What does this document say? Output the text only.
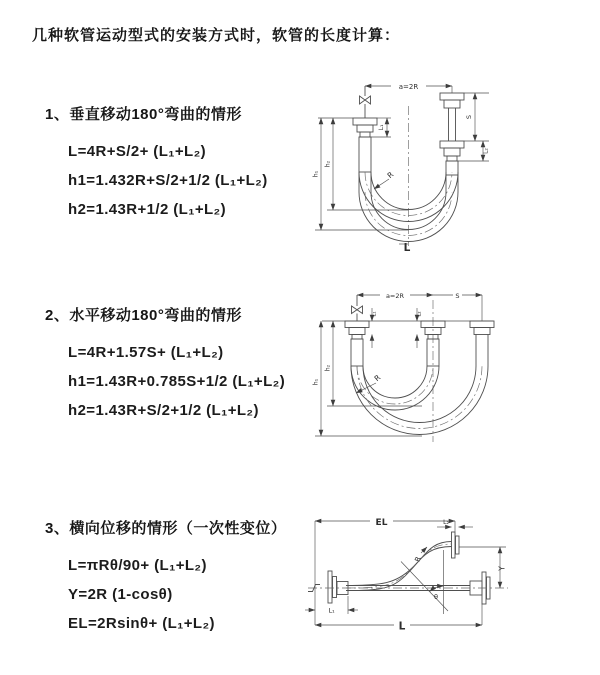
几种软管运动型式的安装方式时，软管的长度计算：
1、垂直移动180°弯曲的情形
L=4R+S/2+ (L₁+L₂)
h1=1.432R+S/2+1/2 (L₁+L₂)
h2=1.43R+1/2 (L₁+L₂)
2、水平移动180°弯曲的情形
L=4R+1.57S+ (L₁+L₂)
h1=1.43R+0.785S+1/2 (L₁+L₂)
h2=1.43R+S/2+1/2 (L₁+L₂)
3、横向位移的情形（一次性变位）
L=πRθ/90+ (L₁+L₂)
Y=2R (1-cosθ)
EL=2Rsinθ+ (L₁+L₂)
a=2R
L₁
S
L₂
h₁
h₂
R
L
a=2R	S
L₁	L₂
h₁
h₂
R
EL	L₂
L₁
L
Y
R
θ
